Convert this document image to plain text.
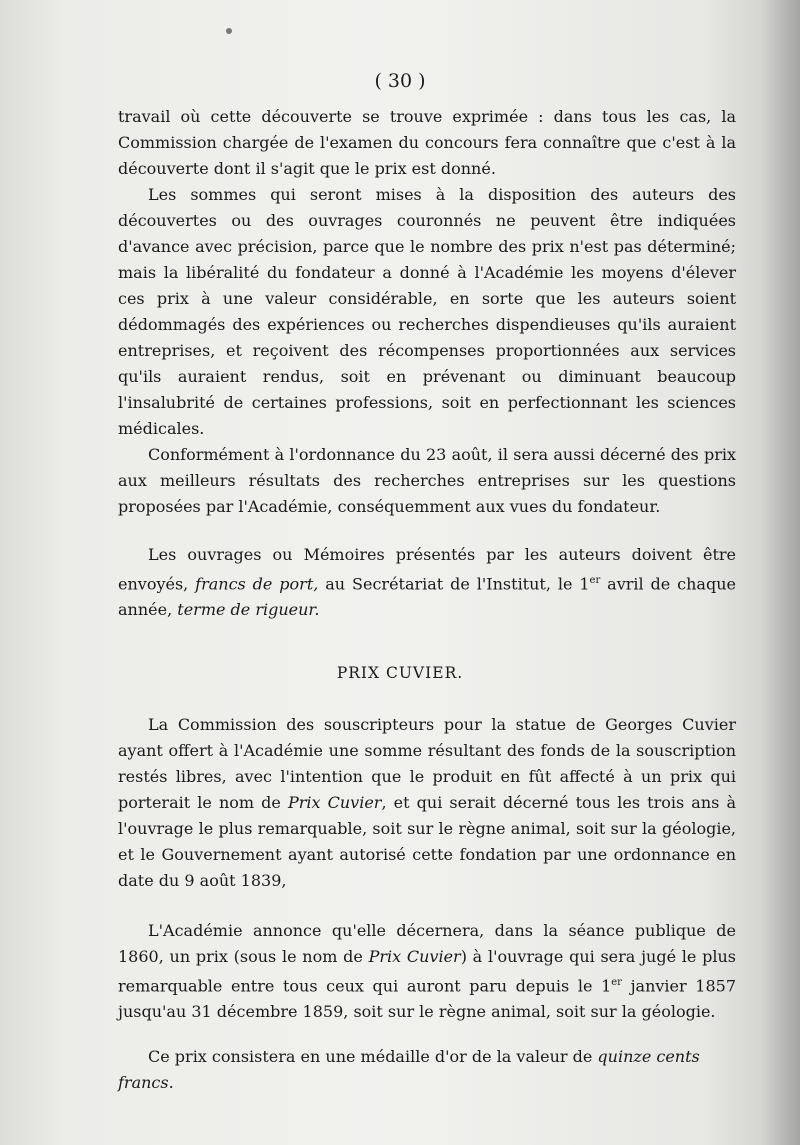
( 30 )

travail où cette découverte se trouve exprimée : dans tous les cas, la Commission chargée de l'examen du concours fera connaître que c'est à la découverte dont il s'agit que le prix est donné.

Les sommes qui seront mises à la disposition des auteurs des découvertes ou des ouvrages couronnés ne peuvent être indiquées d'avance avec précision, parce que le nombre des prix n'est pas déterminé; mais la libéralité du fondateur a donné à l'Académie les moyens d'élever ces prix à une valeur considérable, en sorte que les auteurs soient dédommagés des expériences ou recherches dispendieuses qu'ils auraient entreprises, et reçoivent des récompenses proportionnées aux services qu'ils auraient rendus, soit en prévenant ou diminuant beaucoup l'insalubrité de certaines professions, soit en perfectionnant les sciences médicales.

Conformément à l'ordonnance du 23 août, il sera aussi décerné des prix aux meilleurs résultats des recherches entreprises sur les questions proposées par l'Académie, conséquemment aux vues du fondateur.

Les ouvrages ou Mémoires présentés par les auteurs doivent être envoyés, francs de port, au Secrétariat de l'Institut, le 1er avril de chaque année, terme de rigueur.

PRIX CUVIER.

La Commission des souscripteurs pour la statue de Georges Cuvier ayant offert à l'Académie une somme résultant des fonds de la souscription restés libres, avec l'intention que le produit en fût affecté à un prix qui porterait le nom de Prix Cuvier, et qui serait décerné tous les trois ans à l'ouvrage le plus remarquable, soit sur le règne animal, soit sur la géologie, et le Gouvernement ayant autorisé cette fondation par une ordonnance en date du 9 août 1839,

L'Académie annonce qu'elle décernera, dans la séance publique de 1860, un prix (sous le nom de Prix Cuvier) à l'ouvrage qui sera jugé le plus remarquable entre tous ceux qui auront paru depuis le 1er janvier 1857 jusqu'au 31 décembre 1859, soit sur le règne animal, soit sur la géologie.

Ce prix consistera en une médaille d'or de la valeur de quinze cents francs.
